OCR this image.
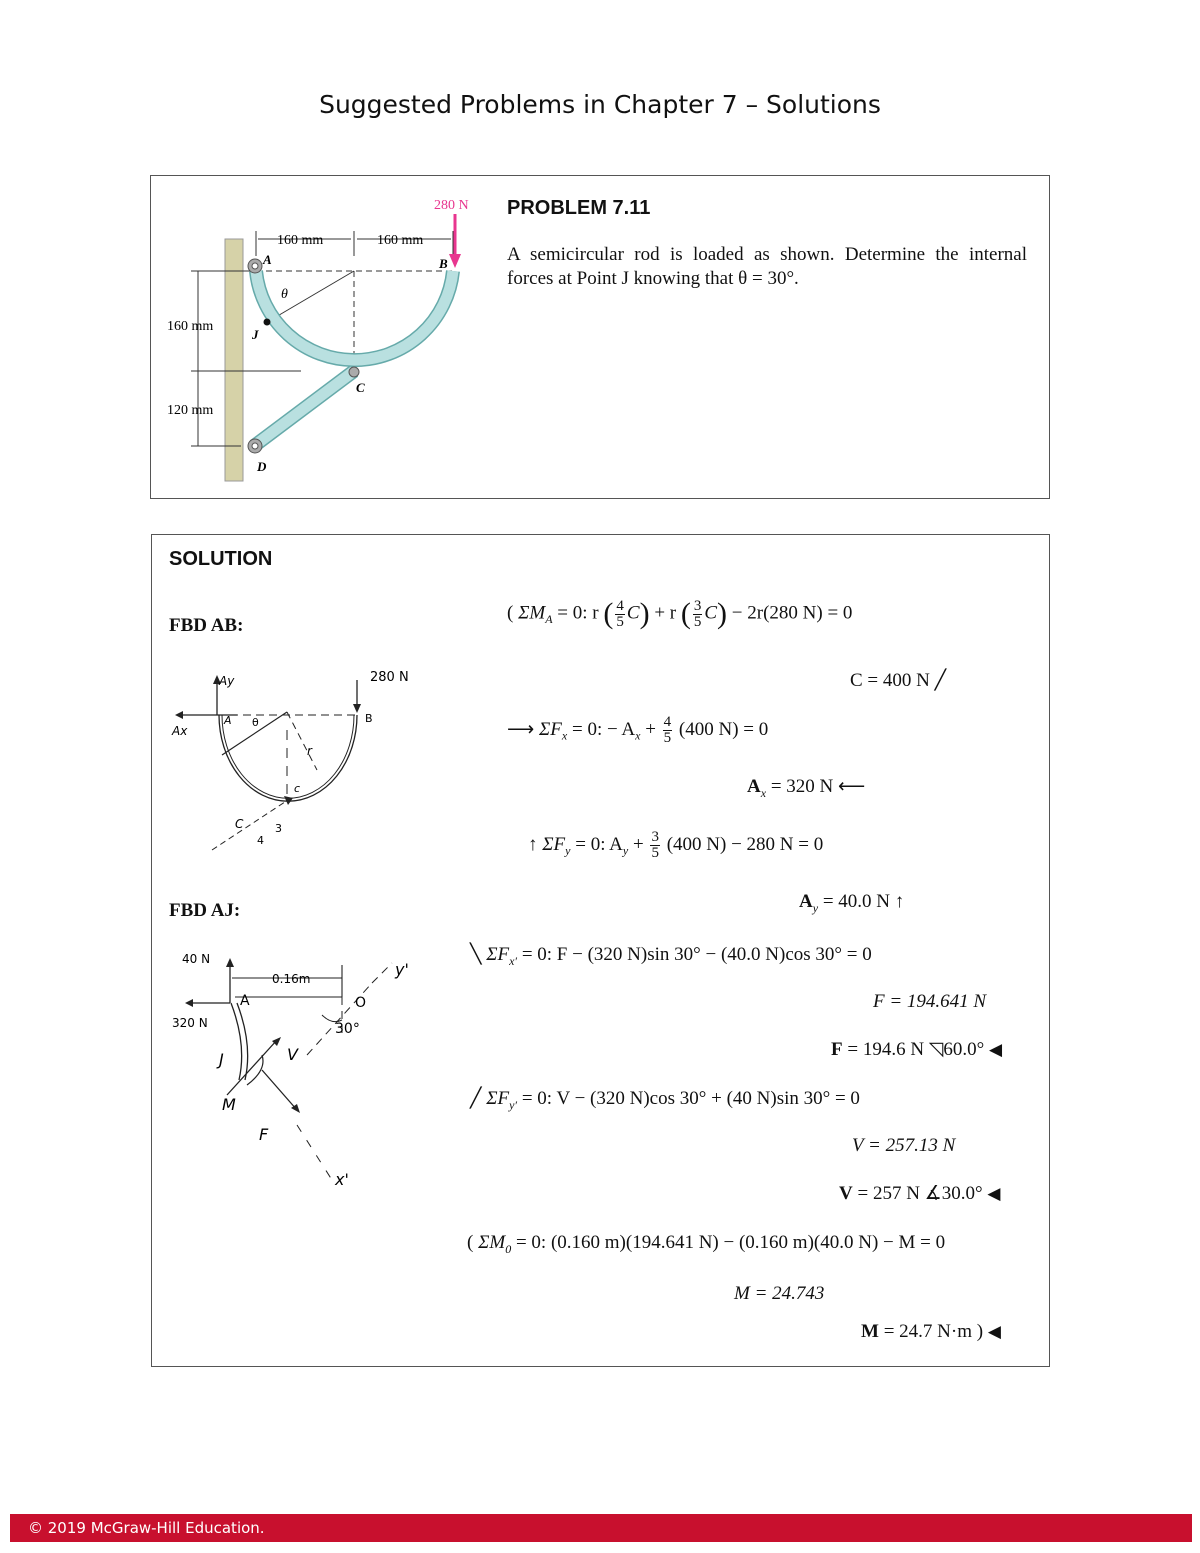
Suggested Problems in Chapter 7 – Solutions
280 N
160 mm	160 mm
160 mm
120 mm
A	B
C
D
J
θ
PROBLEM 7.11
A semicircular rod is loaded as shown. Determine the internal forces at Point J knowing that θ = 30°.
SOLUTION
FBD AB:
FBD AJ:
Ay
Ax
A θ	B
r
c
C	3
4
280 N
40 N
320 N
0.16m
A	O
y'
30°
J	V
M
F
x'
( $\Sigma M_A = 0$: r ( $\frac{4}{5} C) + r$ ( $\frac{3}{5} C) - 2r(280$ N) = 0
C = 400 N ╱
⟶ $\Sigma F_x = 0$: − $A_x + \frac{4}{5} (400$ N) = 0
$A_x = 320$ N ⟵
↑ $\Sigma F_y = 0$: $A_y + \frac{3}{5} (400$ N) − 280 N = 0
$A_y = 40.0$ N ↑
╲ $\Sigma F_{x'} = 0$: F − (320 N)sin 30° − (40.0 N)cos 30° = 0
F = 194.641 N
F = 194.6 N ◹60.0° ◀
╱ $\Sigma F_{y'} = 0$: V − (320 N)cos 30° + (40 N)sin 30° = 0
V = 257.13 N
V = 257 N ∡30.0° ◀
( $\Sigma M_0 = 0$: (0.160 m)(194.641 N) − (0.160 m)(40.0 N) − M = 0
M = 24.743
M = 24.7 N·m ) ◀
© 2019 McGraw-Hill Education.
